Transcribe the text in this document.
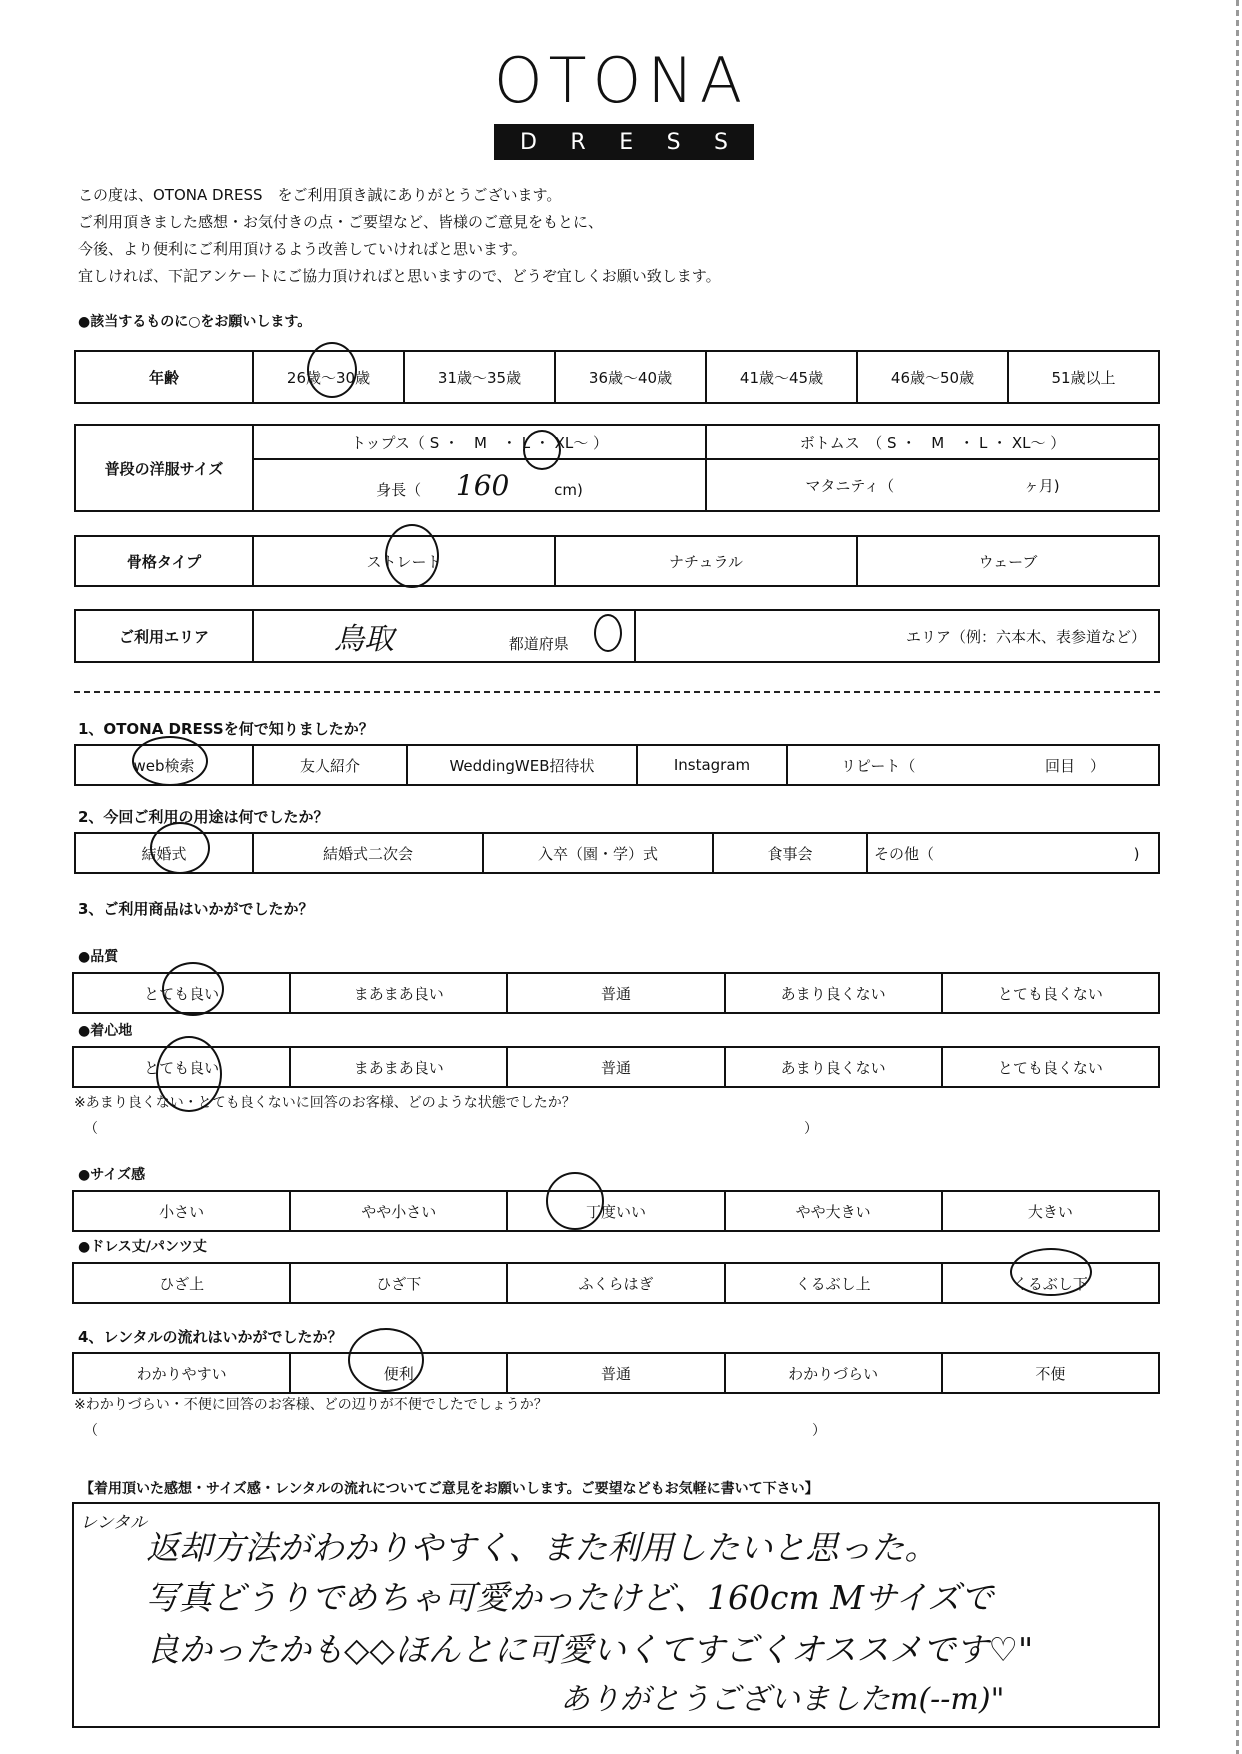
OTONA
D R E S S
この度は、OTONA DRESS　をご利用頂き誠にありがとうございます。
ご利用頂きました感想・お気付きの点・ご要望など、皆様のご意見をもとに、
今後、より便利にご利用頂けるよう改善していければと思います。
宜しければ、下記アンケートにご協力頂ければと思いますので、どうぞ宜しくお願い致します。
●該当するものに○をお願いします。
年齢	26歳〜30歳	31歳〜35歳	36歳〜40歳	41歳〜45歳	46歳〜50歳	51歳以上
普段の洋服サイズ	トップス（ S ・　M　・ L ・ XL〜 ）	ボトムス　（ S ・　M　・ L ・ XL〜 ）
	身長（ 160 cm)	マタニティ（ ヶ月)
骨格タイプ	ストレート	ナチュラル	ウェーブ
ご利用エリア	鳥取	都道府県	エリア（例：六本木、表参道など）
1、OTONA DRESSを何で知りましたか？
web検索	友人紹介	WeddingWEB招待状	Instagram	リピート（	回目　）
2、今回ご利用の用途は何でしたか？
結婚式	結婚式二次会	入卒（園・学）式	食事会	その他（	)
3、ご利用商品はいかがでしたか？
●品質
とても良い	まあまあ良い	普通	あまり良くない	とても良くない
●着心地
とても良い	まあまあ良い	普通	あまり良くない	とても良くない
※あまり良くない・とても良くないに回答のお客様、どのような状態でしたか？
（	）
●サイズ感
小さい	やや小さい	丁度いい	やや大きい	大きい
●ドレス丈/パンツ丈
ひざ上	ひざ下	ふくらはぎ	くるぶし上	くるぶし下
4、レンタルの流れはいかがでしたか？
わかりやすい	便利	普通	わかりづらい	不便
※わかりづらい・不便に回答のお客様、どの辺りが不便でしたでしょうか？
（	）
【着用頂いた感想・サイズ感・レンタルの流れについてご意見をお願いします。ご要望などもお気軽に書いて下さい】
レンタル
返却方法がわかりやすく、また利用したいと思った。
写真どうりでめちゃ可愛かったけど、160cm Mサイズで
良かったかも◇◇ほんとに可愛いくてすごくオススメです♡"
ありがとうございましたm(--m)"
